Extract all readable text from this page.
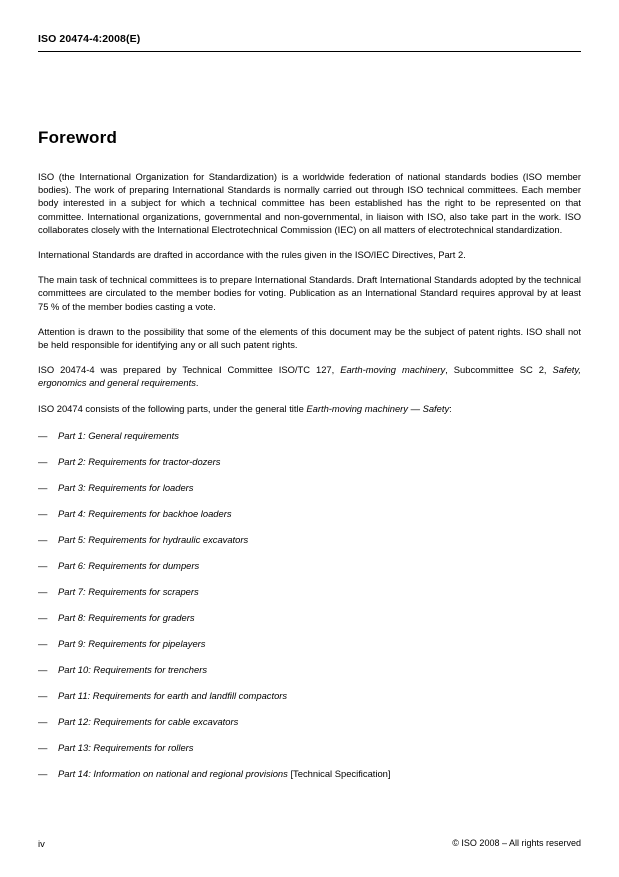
ISO 20474-4:2008(E)
Foreword

ISO (the International Organization for Standardization) is a worldwide federation of national standards bodies (ISO member bodies). The work of preparing International Standards is normally carried out through ISO technical committees. Each member body interested in a subject for which a technical committee has been established has the right to be represented on that committee. International organizations, governmental and non-governmental, in liaison with ISO, also take part in the work. ISO collaborates closely with the International Electrotechnical Commission (IEC) on all matters of electrotechnical standardization.

International Standards are drafted in accordance with the rules given in the ISO/IEC Directives, Part 2.

The main task of technical committees is to prepare International Standards. Draft International Standards adopted by the technical committees are circulated to the member bodies for voting. Publication as an International Standard requires approval by at least 75 % of the member bodies casting a vote.

Attention is drawn to the possibility that some of the elements of this document may be the subject of patent rights. ISO shall not be held responsible for identifying any or all such patent rights.

ISO 20474-4 was prepared by Technical Committee ISO/TC 127, Earth-moving machinery, Subcommittee SC 2, Safety, ergonomics and general requirements.

ISO 20474 consists of the following parts, under the general title Earth-moving machinery — Safety:

—	Part 1: General requirements
—	Part 2: Requirements for tractor-dozers
—	Part 3: Requirements for loaders
—	Part 4: Requirements for backhoe loaders
—	Part 5: Requirements for hydraulic excavators
—	Part 6: Requirements for dumpers
—	Part 7: Requirements for scrapers
—	Part 8: Requirements for graders
—	Part 9: Requirements for pipelayers
—	Part 10: Requirements for trenchers
—	Part 11: Requirements for earth and landfill compactors
—	Part 12: Requirements for cable excavators
—	Part 13: Requirements for rollers
—	Part 14: Information on national and regional provisions [Technical Specification]
iv	© ISO 2008 – All rights reserved
